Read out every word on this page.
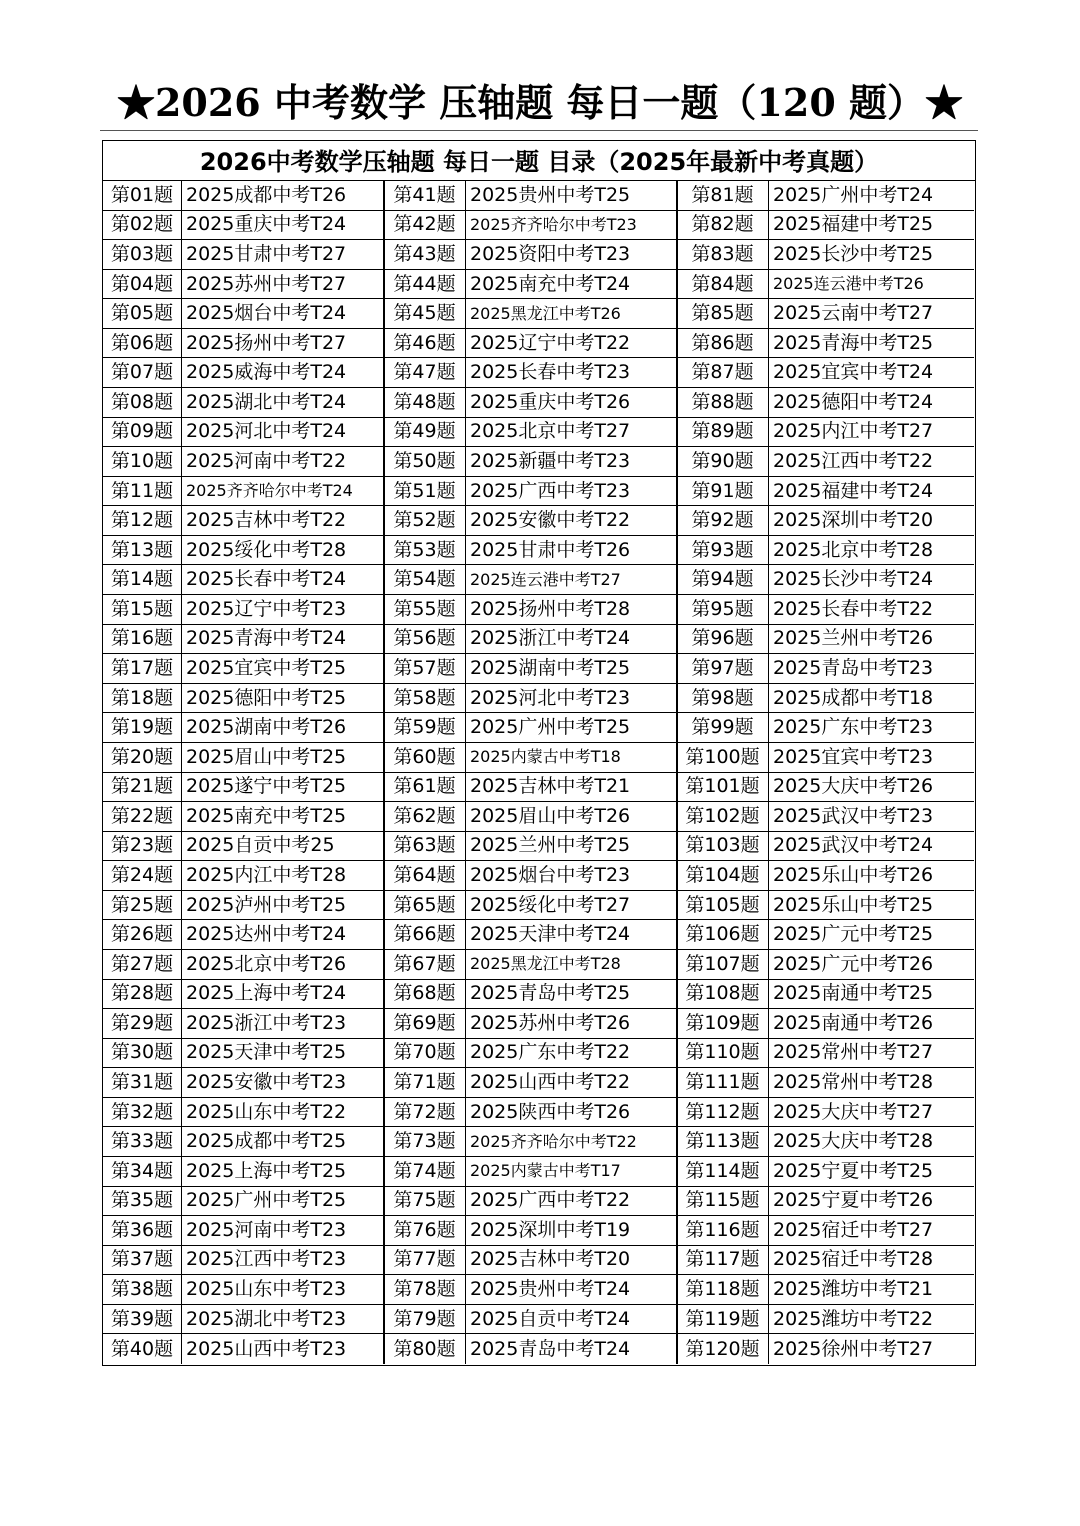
★2026 中考数学 压轴题 每日一题（120 题）★
2026中考数学压轴题 每日一题 目录（2025年最新中考真题）
第01题 2025成都中考T26	第41题 2025贵州中考T25	第81题	2025广州中考T24
第02题 2025重庆中考T24	第42题 2025齐齐哈尔中考T23	第82题	2025福建中考T25
第03题 2025甘肃中考T27	第43题 2025资阳中考T23	第83题	2025长沙中考T25
第04题 2025苏州中考T27	第44题 2025南充中考T24	第84题	2025连云港中考T26
第05题 2025烟台中考T24	第45题 2025黑龙江中考T26	第85题	2025云南中考T27
第06题 2025扬州中考T27	第46题 2025辽宁中考T22	第86题	2025青海中考T25
第07题 2025威海中考T24	第47题 2025长春中考T23	第87题	2025宜宾中考T24
第08题 2025湖北中考T24	第48题 2025重庆中考T26	第88题	2025德阳中考T24
第09题 2025河北中考T24	第49题 2025北京中考T27	第89题	2025内江中考T27
第10题 2025河南中考T22	第50题 2025新疆中考T23	第90题	2025江西中考T22
第11题 2025齐齐哈尔中考T24	第51题 2025广西中考T23	第91题	2025福建中考T24
第12题 2025吉林中考T22	第52题 2025安徽中考T22	第92题	2025深圳中考T20
第13题 2025绥化中考T28	第53题 2025甘肃中考T26	第93题	2025北京中考T28
第14题 2025长春中考T24	第54题 2025连云港中考T27	第94题	2025长沙中考T24
第15题 2025辽宁中考T23	第55题 2025扬州中考T28	第95题	2025长春中考T22
第16题 2025青海中考T24	第56题 2025浙江中考T24	第96题	2025兰州中考T26
第17题 2025宜宾中考T25	第57题 2025湖南中考T25	第97题	2025青岛中考T23
第18题 2025德阳中考T25	第58题 2025河北中考T23	第98题	2025成都中考T18
第19题 2025湖南中考T26	第59题 2025广州中考T25	第99题	2025广东中考T23
第20题 2025眉山中考T25	第60题 2025内蒙古中考T18	第100题 2025宜宾中考T23
第21题 2025遂宁中考T25	第61题 2025吉林中考T21	第101题 2025大庆中考T26
第22题 2025南充中考T25	第62题 2025眉山中考T26	第102题 2025武汉中考T23
第23题 2025自贡中考25	第63题 2025兰州中考T25	第103题 2025武汉中考T24
第24题 2025内江中考T28	第64题 2025烟台中考T23	第104题 2025乐山中考T26
第25题 2025泸州中考T25	第65题 2025绥化中考T27	第105题 2025乐山中考T25
第26题 2025达州中考T24	第66题 2025天津中考T24	第106题 2025广元中考T25
第27题 2025北京中考T26	第67题 2025黑龙江中考T28	第107题 2025广元中考T26
第28题 2025上海中考T24	第68题 2025青岛中考T25	第108题 2025南通中考T25
第29题 2025浙江中考T23	第69题 2025苏州中考T26	第109题 2025南通中考T26
第30题 2025天津中考T25	第70题 2025广东中考T22	第110题 2025常州中考T27
第31题 2025安徽中考T23	第71题 2025山西中考T22	第111题 2025常州中考T28
第32题 2025山东中考T22	第72题 2025陕西中考T26	第112题 2025大庆中考T27
第33题 2025成都中考T25	第73题 2025齐齐哈尔中考T22	第113题 2025大庆中考T28
第34题 2025上海中考T25	第74题 2025内蒙古中考T17	第114题 2025宁夏中考T25
第35题 2025广州中考T25	第75题 2025广西中考T22	第115题 2025宁夏中考T26
第36题 2025河南中考T23	第76题 2025深圳中考T19	第116题 2025宿迁中考T27
第37题 2025江西中考T23	第77题 2025吉林中考T20	第117题 2025宿迁中考T28
第38题 2025山东中考T23	第78题 2025贵州中考T24	第118题 2025潍坊中考T21
第39题 2025湖北中考T23	第79题 2025自贡中考T24	第119题 2025潍坊中考T22
第40题 2025山西中考T23	第80题 2025青岛中考T24	第120题 2025徐州中考T27
